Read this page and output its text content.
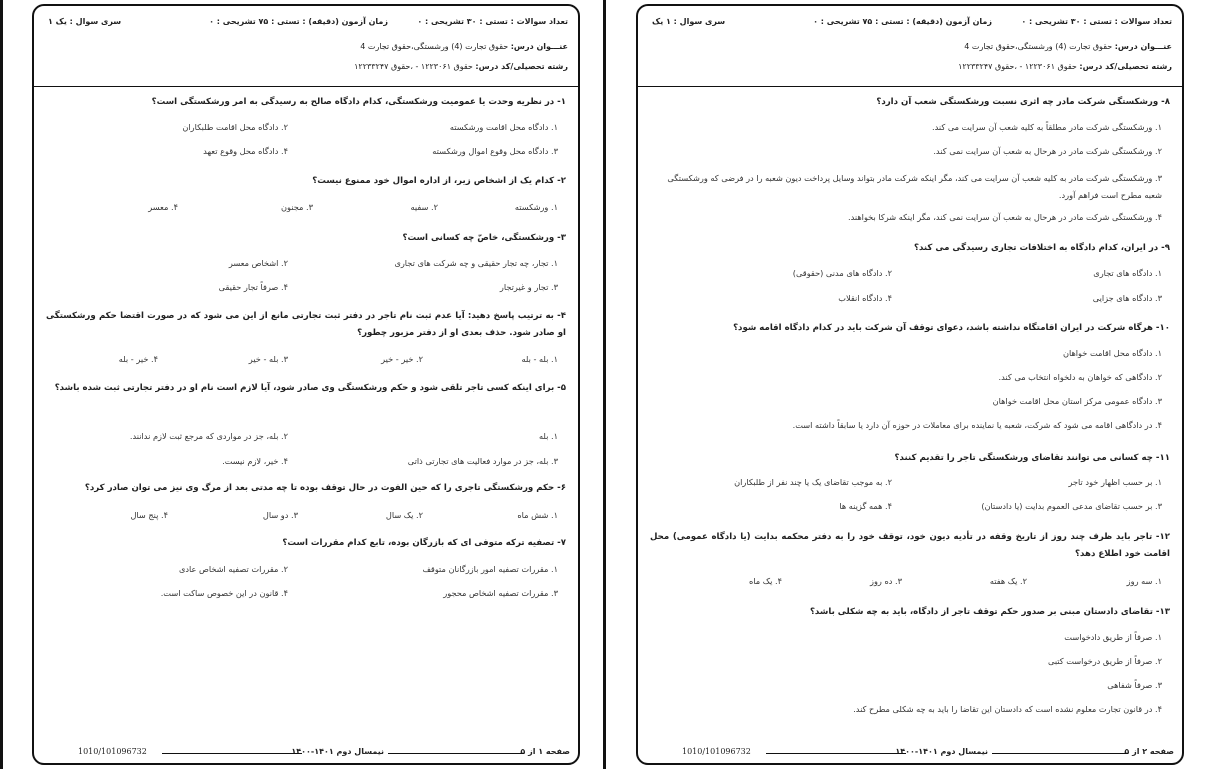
تعداد سوالات : تستی : ۳۰ تشریحی : ۰
زمان آزمون (دقیقه) : تستی : ۷۵ تشریحی : ۰
سری سوال : یک ۱
عنـــوان درس: حقوق تجارت (4) ورشستگی،حقوق تجارت 4
رشته تحصیلی/کد درس: حقوق ۱۲۲۳۰۶۱ - ،حقوق ۱۲۲۳۳۲۴۷
۱- در نظریه وحدت یا عمومیت ورشکستگی، کدام دادگاه صالح به رسیدگی به امر ورشکستگی است؟
۱. دادگاه محل اقامت ورشکسته
۲. دادگاه محل اقامت طلبکاران
۳. دادگاه محل وقوع اموال ورشکسته
۴. دادگاه محل وقوع تعهد
۲- کدام یک از اشخاص زیر، از اداره اموال خود ممنوع نیست؟
۱. ورشکسته
۲. سفیه
۳. مجنون
۴. معسر
۳- ورشکستگی، خاصّ چه کسانی است؟
۱. تجار، چه تجار حقیقی و چه شرکت های تجاری
۲. اشخاص معسر
۳. تجار و غیرتجار
۴. صرفاً تجار حقیقی
۴- به ترتیب پاسخ دهید: آیا عدم ثبت نام تاجر در دفتر ثبت تجارتی مانع از این می شود که در صورت اقتضا حکم ورشکستگی او صادر شود. حذف بعدی او از دفتر مزبور چطور؟
۱. بله - بله
۲. خیر - خیر
۳. بله - خیر
۴. خیر - بله
۵- برای اینکه کسی تاجر تلقی شود و حکم ورشکستگی وی صادر شود، آیا لازم است نام او در دفتر تجارتی ثبت شده باشد؟
۱. بله
۲. بله، جز در مواردی که مرجع ثبت لازم ندانند.
۳. بله، جز در موارد فعالیت های تجارتی ذاتی
۴. خیر، لازم نیست.
۶- حکم ورشکستگی تاجری را که حین الفوت در حال توقف بوده تا چه مدتی بعد از مرگ وی نیز می توان صادر کرد؟
۱. شش ماه
۲. یک سال
۳. دو سال
۴. پنج سال
۷- تصفیه ترکه متوفی ای که بازرگان بوده، تابع کدام مقررات است؟
۱. مقررات تصفیه امور بازرگانان متوقف
۲. مقررات تصفیه اشخاص عادی
۳. مقررات تصفیه اشخاص محجور
۴. قانون در این خصوص ساکت است.
صفحه ۱ از ۵
نیمسال دوم ۱۴۰۱-۱۴۰۰
1010/101096732
تعداد سوالات : تستی : ۳۰ تشریحی : ۰
زمان آزمون (دقیقه) : تستی : ۷۵ تشریحی : ۰
سری سوال : ۱ یک
عنـــوان درس: حقوق تجارت (4) ورشستگی،حقوق تجارت 4
رشته تحصیلی/کد درس: حقوق ۱۲۲۳۰۶۱ - ،حقوق ۱۲۲۳۳۲۴۷
۸- ورشکستگی شرکت مادر چه اثری نسبت ورشکستگی شعب آن دارد؟
۱. ورشکستگی شرکت مادر مطلقاً به کلیه شعب آن سرایت می کند.
۲. ورشکستگی شرکت مادر در هرحال به شعب آن سرایت نمی کند.
۳. ورشکستگی شرکت مادر به کلیه شعب آن سرایت می کند، مگر اینکه شرکت مادر بتواند وسایل پرداخت دیون شعبه را در فرضی که ورشکستگی شعبه مطرح است فراهم آورد.
۴. ورشکستگی شرکت مادر در هرحال به شعب آن سرایت نمی کند، مگر اینکه شرکا بخواهند.
۹- در ایران، کدام دادگاه به اختلافات تجاری رسیدگی می کند؟
۱. دادگاه های تجاری
۲. دادگاه های مدنی (حقوقی)
۳. دادگاه های جزایی
۴. دادگاه انقلاب
۱۰- هرگاه شرکت در ایران اقامتگاه نداشته باشد، دعوای توقف آن شرکت باید در کدام دادگاه اقامه شود؟
۱. دادگاه محل اقامت خواهان
۲. دادگاهی که خواهان به دلخواه انتخاب می کند.
۳. دادگاه عمومی مرکز استان محل اقامت خواهان
۴. در دادگاهی اقامه می شود که شرکت، شعبه یا نماینده برای معاملات در حوزه آن دارد یا سابقاً داشته است.
۱۱- چه کسانی می توانند تقاضای ورشکستگی تاجر را تقدیم کنند؟
۱. بر حسب اظهار خود تاجر
۲. به موجب تقاضای یک یا چند نفر از طلبکاران
۳. بر حسب تقاضای مدعی العموم بدایت (یا دادستان)
۴. همه گزینه ها
۱۲- تاجر باید ظرف چند روز از تاریخ وقفه در تأدیه دیون خود، توقف خود را به دفتر محکمه بدایت (یا دادگاه عمومی) محل اقامت خود اطلاع دهد؟
۱. سه روز
۲. یک هفته
۳. ده روز
۴. یک ماه
۱۳- تقاضای دادستان مبنی بر صدور حکم توقف تاجر از دادگاه، باید به چه شکلی باشد؟
۱. صرفاً از طریق دادخواست
۲. صرفاً از طریق درخواست کتبی
۳. صرفاً شفاهی
۴. در قانون تجارت معلوم نشده است که دادستان این تقاضا را باید به چه شکلی مطرح کند.
صفحه ۲ از ۵
نیمسال دوم ۱۴۰۱-۱۴۰۰
1010/101096732
